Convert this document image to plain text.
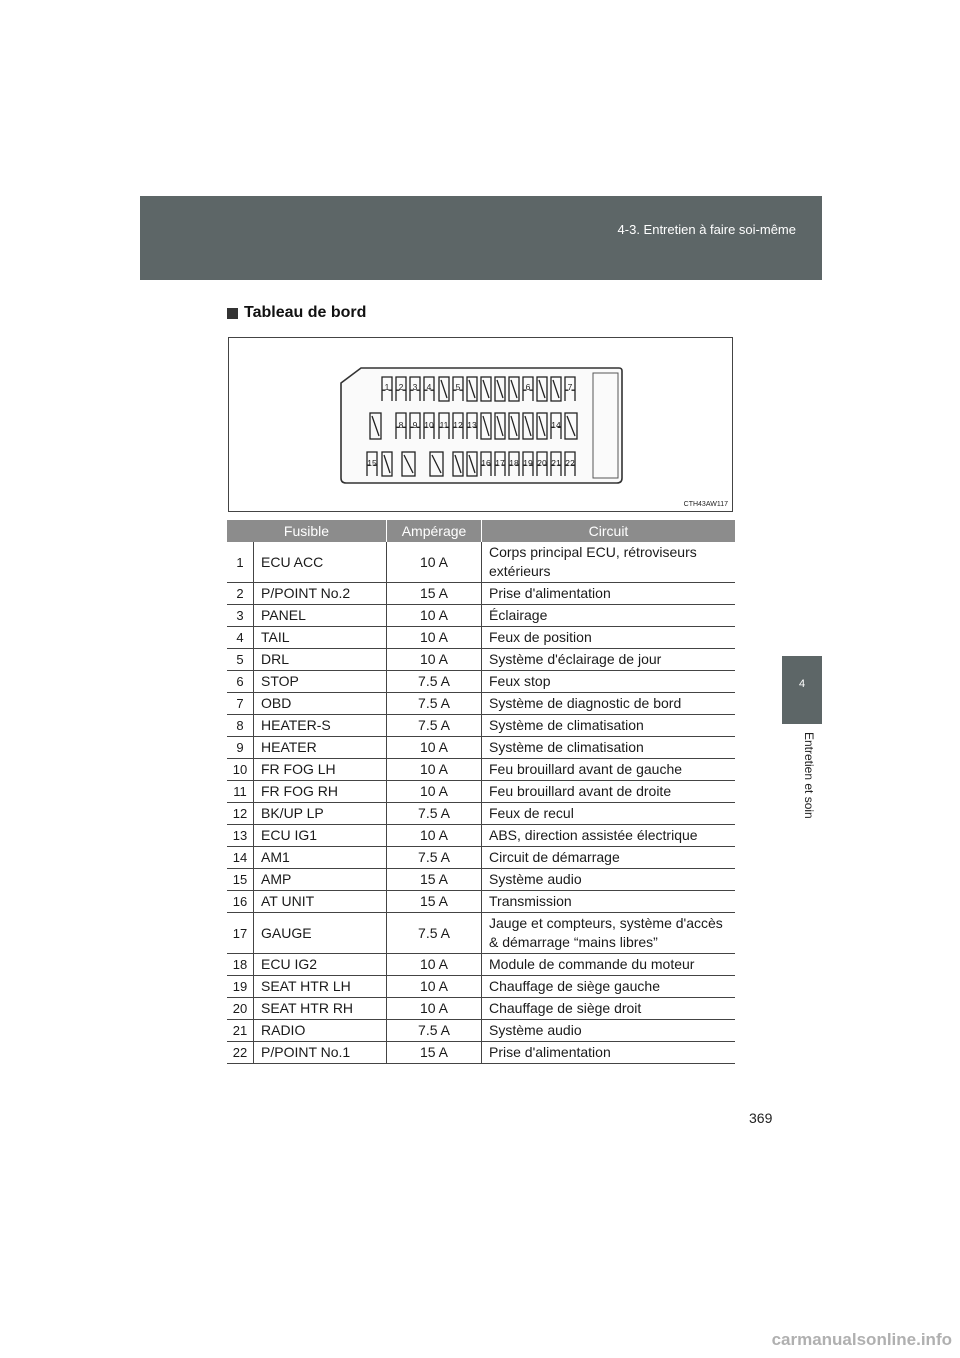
4-3. Entretien à faire soi-même
4
Entretien et soin
Tableau de bord
1 2 3 4	5	6	7
8 9 10 11 12 13	14
15	16 17 18 19 20 21 22
CTH43AW117
Fusible		Ampérage	Circuit
1	ECU ACC	10 A	Corps principal ECU, rétroviseurs extérieurs
2	P/POINT No.2	15 A	Prise d'alimentation
3	PANEL	10 A	Éclairage
4	TAIL	10 A	Feux de position
5	DRL	10 A	Système d'éclairage de jour
6	STOP	7.5 A	Feux stop
7	OBD	7.5 A	Système de diagnostic de bord
8	HEATER-S	7.5 A	Système de climatisation
9	HEATER	10 A	Système de climatisation
10	FR FOG LH	10 A	Feu brouillard avant de gauche
11	FR FOG RH	10 A	Feu brouillard avant de droite
12	BK/UP LP	7.5 A	Feux de recul
13	ECU IG1	10 A	ABS, direction assistée électrique
14	AM1	7.5 A	Circuit de démarrage
15	AMP	15 A	Système audio
16	AT UNIT	15 A	Transmission
17	GAUGE	7.5 A	Jauge et compteurs, système d'accès & démarrage “mains libres”
18	ECU IG2	10 A	Module de commande du moteur
19	SEAT HTR LH	10 A	Chauffage de siège gauche
20	SEAT HTR RH	10 A	Chauffage de siège droit
21	RADIO	7.5 A	Système audio
22	P/POINT No.1	15 A	Prise d'alimentation
369
carmanualsonline.info
